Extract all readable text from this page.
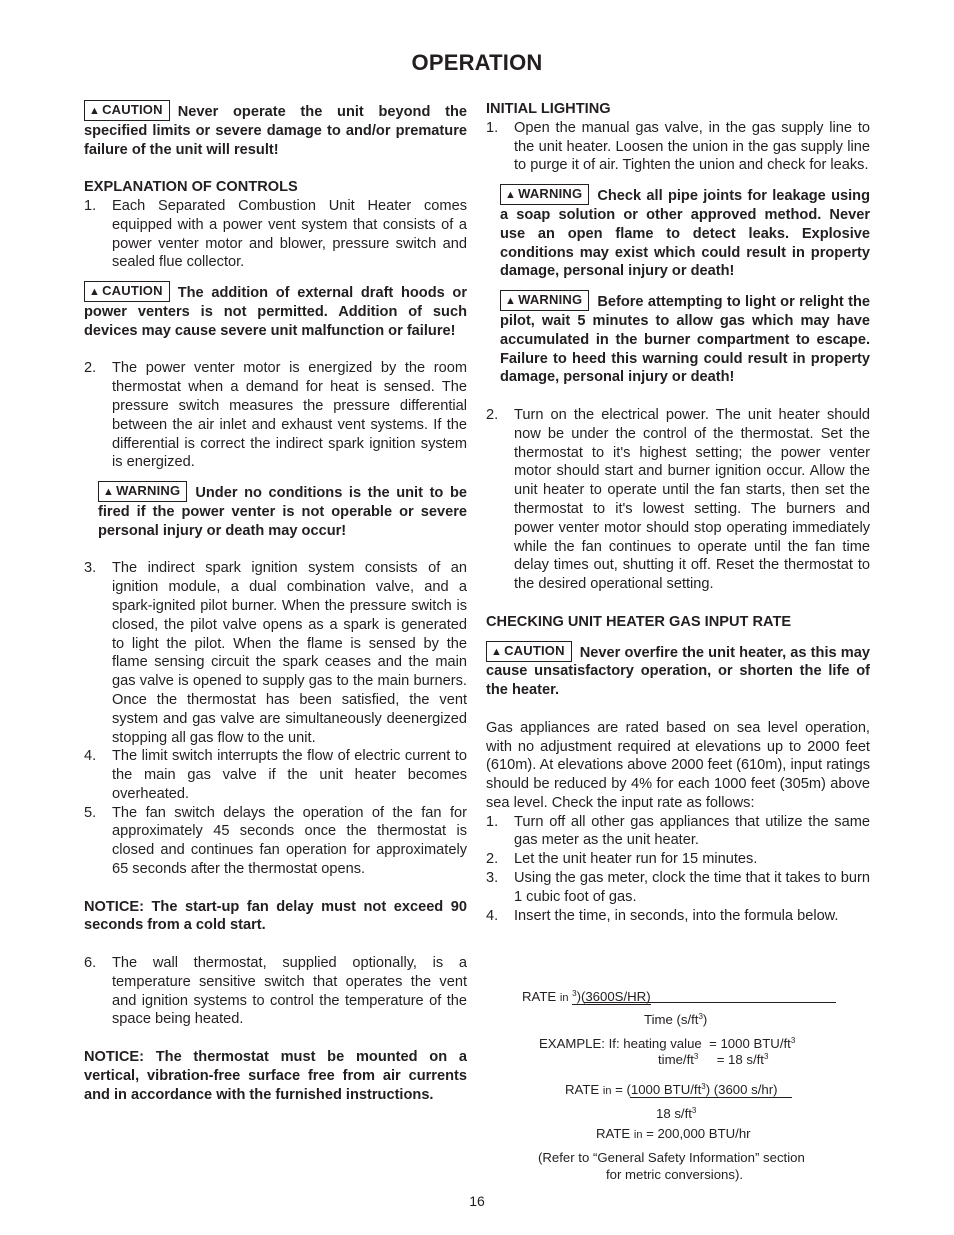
OPERATION

▲ CAUTION Never operate the unit beyond the specified limits or severe damage to and/or premature failure of the unit will result!

EXPLANATION OF CONTROLS

1.	Each Separated Combustion Unit Heater comes equipped with a power vent system that consists of a power venter motor and blower, pressure switch and sealed flue collector.

▲ CAUTION The addition of external draft hoods or power venters is not permitted. Addition of such devices may cause severe unit malfunction or failure!

2.	The power venter motor is energized by the room thermostat when a demand for heat is sensed. The pressure switch measures the pressure differential between the air inlet and exhaust vent systems. If the differential is correct the indirect spark ignition system is energized.

▲ WARNING Under no conditions is the unit to be fired if the power venter is not operable or severe personal injury or death may occur!

3.	The indirect spark ignition system consists of an ignition module, a dual combination valve, and a spark-ignited pilot burner. When the pressure switch is closed, the pilot valve opens as a spark is generated to light the pilot. When the flame is sensed by the flame sensing circuit the spark ceases and the main gas valve is opened to supply gas to the main burners. Once the thermostat has been satisfied, the vent system and gas valve are simultaneously deenergized stopping all gas flow to the unit.
4.	The limit switch interrupts the flow of electric current to the main gas valve if the unit heater becomes overheated.
5.	The fan switch delays the operation of the fan for approximately 45 seconds once the thermostat is closed and continues fan operation for approximately 65 seconds after the thermostat opens.

NOTICE: The start-up fan delay must not exceed 90 seconds from a cold start.

6.	The wall thermostat, supplied optionally, is a temperature sensitive switch that operates the vent and ignition systems to control the temperature of the space being heated.

NOTICE: The thermostat must be mounted on a vertical, vibration-free surface free from air currents and in accordance with the furnished instructions.

INITIAL LIGHTING

1.	Open the manual gas valve, in the gas supply line to the unit heater. Loosen the union in the gas supply line to purge it of air. Tighten the union and check for leaks.

▲ WARNING Check all pipe joints for leakage using a soap solution or other approved method. Never use an open flame to detect leaks. Explosive conditions may exist which could result in property damage, personal injury or death!

▲ WARNING Before attempting to light or relight the pilot, wait 5 minutes to allow gas which may have accumulated in the burner compartment to escape. Failure to heed this warning could result in property damage, personal injury or death!

2.	Turn on the electrical power. The unit heater should now be under the control of the thermostat. Set the thermostat to it's highest setting; the power venter motor should start and burner ignition occur. Allow the unit heater to operate until the fan starts, then set the thermostat to it's lowest setting. The burners and power venter motor should stop operating immediately while the fan continues to operate until the fan time delay times out, shutting it off. Reset the thermostat to the desired operational setting.

CHECKING UNIT HEATER GAS INPUT RATE

▲ CAUTION Never overfire the unit heater, as this may cause unsatisfactory operation, or shorten the life of the heater.

Gas appliances are rated based on sea level operation, with no adjustment required at elevations up to 2000 feet (610m). At elevations above 2000 feet (610m), input ratings should be reduced by 4% for each 1000 feet (305m) above sea level. Check the input rate as follows:

1.	Turn off all other gas appliances that utilize the same gas meter as the unit heater.
2.	Let the unit heater run for 15 minutes.
3.	Using the gas meter, clock the time that it takes to burn 1 cubic foot of gas.
4.	Insert the time, in seconds, into the formula below.
RATE in $^3$)(3600S/HR)
Time $(s/ft^3)$
EXAMPLE: If: heating value = 1000 BTU/$ft^3$
time/$ft^3 = 18$ $s/ft^3$
RATE in = (1000 BTU/$ft^3$) (3600 s/hr)
18 $s/ft^3$
RATE in = 200,000 BTU/hr
(Refer to “General Safety Information” section
for metric conversions).
16
